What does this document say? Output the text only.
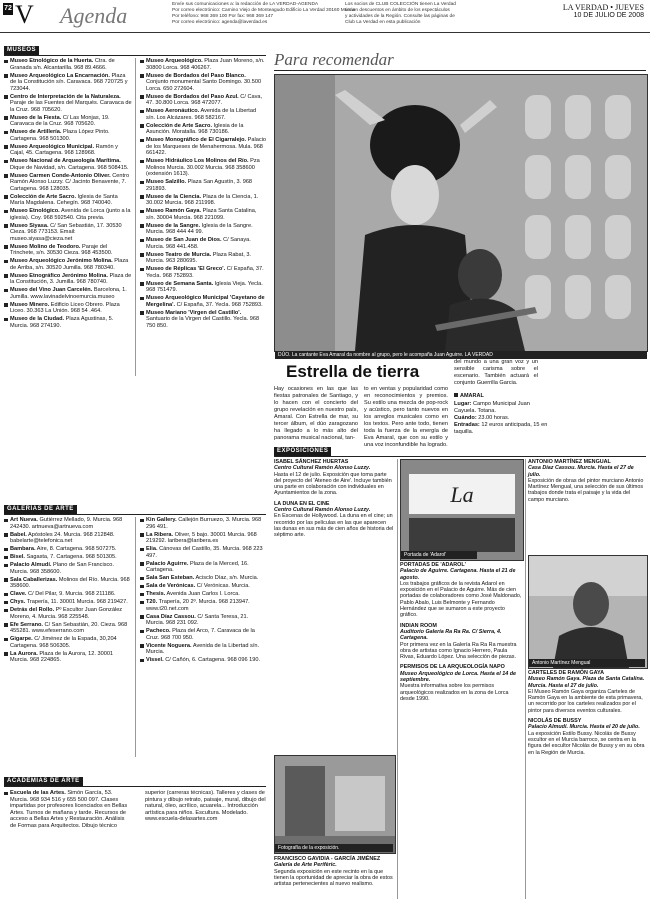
72 V Agenda	Envíe sus comunicaciones a: la redacción de LA VERDAD-AGENDA
Por correo electrónico: Camino Viejo de Monteagudo Edificio La Verdad 30160 Murcia
Por teléfono: 968 369 100 Por fax: 968 369 147
Por correo electrónico: agenda@laverdad.es
Los socios de CLUB COLECCIÓN tienen La Verdad
tienen descuentos en ámbito de los espectáculos
y actividades de la Región. Consulte las páginas de
Club La Verdad en esta publicación
LA VERDAD • JUEVES
10 DE JULIO DE 2008
MUSEOS
Museo Etnológico de la Huerta. Ctra. de Granada s/n. Alcantarilla. 968 89.4666.
Museo Arqueológico La Encarnación. Plaza de la Constitución s/n. Caravaca. 968 720725 y 723044.
Centro de Interpretación de la Naturaleza. Paraje de las Fuentes del Marqués. Caravaca de la Cruz. 968 705620.
Museo de la Fiesta. C/ Las Monjas, 19. Caravaca de la Cruz. 968 705620.
Museo de Artillería. Plaza López Pinto. Cartagena. 968 501300.
Museo Arqueológico Municipal. Ramón y Cajal, 45. Cartagena. 968 128968.
Museo Nacional de Arqueología Marítima. Dique de Navidad, s/n. Cartagena. 968 508415.
Museo Carmen Conde-Antonio Oliver. Centro Ramón Alonso Luzzy. C/ Jacinto Benavente, 7. Cartagena. 968 128035.
Colección de Arte Sacro. Iglesia de Santa María Magdalena. Cehegín. 968 740040.
Museo Etnológico. Avenida de Lorca (junto a la iglesia). Coy. 968 592540. Cita previa.
Museo Siyasa. C/ San Sebastián, 17. 30530 Cieza. 968 773153. Email: museo.siyasa@cieza.net
Museo Molino de Teodoro. Paraje del Trinchete, s/n. 30530 Cieza. 968 453500.
Museo Arqueológico Jerónimo Molina. Plaza de Arriba, s/n. 30520 Jumilla. 968 780340.
Museo Etnográfico Jerónimo Molina. Plaza de la Constitución, 3. Jumilla. 968 780740.
Museo del Vino Juan Carcelén. Barcelona, 1. Jumilla. www.lavinadelvinoemurcia.museo
Museo Minero. Edificio Liceo Obrero. Plaza Liceo. 30.363 La Unión. 968 54 .464.
Museo de la Ciudad. Plaza Agustinas, 5. Murcia. 968 274190.
Museo Arqueológico. Plaza Juan Moreno, s/n. 30800 Lorca. 968 406267.
Museo de Bordados del Paso Blanco. Conjunto monumental Santo Domingo. 30.500 Lorca. 650 272604.
Museo de Bordados del Paso Azul. C/ Cava, 47. 30.800 Lorca. 968 472077.
Museo Aeronáutico. Avenida de la Libertad s/n. Los Alcázares. 968 582167.
Colección de Arte Sacro. Iglesia de la Asunción. Moratalla. 968 730186.
Museo Monográfico de El Cigarralejo. Palacio de los Marqueses de Menahermosa. Mula. 968 661422.
Museo Hidráulico Los Molinos del Río. Pza Molinos Murcia. 30.002 Murcia. 968 358600 (extensión 1613).
Museo Salzillo. Plaza San Agustín, 3. 968 291893.
Museo de la Ciencia. Plaza de la Ciencia, 1. 30.002 Murcia. 968 211998.
Museo Ramón Gaya. Plaza Santa Catalina, s/n. 30004 Murcia. 968 221099.
Museo de la Sangre. Iglesia de la Sangre. Murcia. 968 444 44 99.
Museo de San Juan de Dios. C/ Sanaya. Murcia. 968 441.458.
Museo Teatro de Murcia. Plaza Rabat, 3. Murcia. 963 280695.
Museo de Réplicas 'El Greco'. C/ España, 37. Yecla. 968 752893.
Museo de Semana Santa. Iglesia Vieja. Yecla. 968 751479.
Museo Arqueológico Municipal 'Cayetano de Mergelina'. C/ España, 37. Yecla. 968 752893.
Museo Mariano 'Virgen del Castillo'. Santuario de la Virgen del Castillo. Yecla. 968 750 850.
GALERÍAS DE ARTE
Art Nueva. Gutiérrez Mellado, 9. Murcia. 968 242430. artnueva@artnueva.com
Babel. Apóstoles 24. Murcia. 968 212848. babelarte@telefonica.net
Bambara. Aire, 8. Cartagena. 968 507275.
Bisel. Sagasta, 7. Cartagena. 968 501305.
Palacio Almudí. Plano de San Francisco. Murcia. 968 358600.
Sala Caballerizas. Molinos del Río. Murcia. 968 358600.
Clave. C/ Del Pilar, 9. Murcia. 968 211186.
Chys. Trapería, 11. 30001 Murcia. 968 219427.
Detrás del Rollo. Pº Escultor Juan González Moreno, 4. Murcia. 968 225548.
Efe Serrano. C/ San Sebastián, 20. Cieza. 968 455281. www.efeserrano.com
Gigarpe. C/ Jiménez de la Espada, 30,204 Cartagena. 968 506305.
La Aurora. Plaza de la Aurora, 12. 30001 Murcia. 968 224865.
Kin Gallery. Callejón Burruezo, 3. Murcia. 968 296 491.
La Ribera. Oliver, 5 bajo. 30001 Murcia. 968 219292. laribera@laribera.es
Elia. Cánovas del Castillo, 35. Murcia. 968 223 497.
Palacio Aguirre. Plaza de la Merced, 16. Cartagena.
Sala San Esteban. Acisclo Díaz, s/n. Murcia.
Sala de Verónicas. C/ Verónicas. Murcia.
Thesis. Avenida Juan Carlos I. Lorca.
T20. Trapería, 20 2º. Murcia. 968 213947. www.t20.net.com
Casa Díaz Cassou. C/ Santa Teresa, 21. Murcia. 968 231 092.
Pacheco. Plaza del Arco, 7. Caravaca de la Cruz. 968 700 950.
Vicente Noguera. Avenida de la Libertad s/n. Murcia.
Vissel. C/ Cañón, 6. Cartagena. 968 096 190.
ACADEMIAS DE ARTE
Escuela de las Artes. Simón García, 53. Murcia. 968 934 516 y 655 500 097. Clases impartidas por profesores licenciados en Bellas Artes. Turnos de mañana y tarde. Recursos de acceso a Bellas Artes y Restauración. Análisis de Formas para Arquitectos. Dibujo técnico superior (carreras técnicas). Talleres y clases de pintura y dibujo retrato, paisaje, mural, dibujo del natural, óleo, acrílico, acuarela... Introducción artística para niños. Escultura. Modelado. www.escuela-delasartes.com
Para recomendar
DÚO. La cantante Eva Amaral da nombre al grupo, pero le acompaña Juan Aguirre. LA VERDAD
Estrella de tierra
Hay ocasiones en las que las fiestas patronales de Santiago, y lo hacen con el concierto del grupo revelación en nuestro país, Amaral. Con Estrella de mar, su tercer álbum, el dúo zaragozano ha llegado a lo más alto del panorama musical nacional, tan-
to en ventas y popularidad como en reconocimientos y premios. Su estilo una mezcla de pop-rock y acústico, pero tanto nuevos en los arreglos musicales como en los textos. Pero ante todo, tienen toda la fuerza de la energía de Eva Amaral, que con su estilo y una voz inconfundible ha logrado.
del mundo a una gran voz y un sensible carisma sobre el escenario. También actuará el conjunto Guerrilla Garcia.
AMARAL
Lugar: Campo Municipal Juan Cayuela. Totana.
Cuándo: 23.00 horas.
Entradas: 12 euros anticipada, 15 en taquilla.
EXPOSICIONES
ISABEL SÁNCHEZ HUERTAS
Centro Cultural Ramón Alonso Luzzy.
Hasta el 12 de julio. Exposición que toma parte del proyecto del 'Ateneo de Aire'. Incluye también una parte en colaboración con individuales en Ayuntamientos de la zona.
LA DUNA EN EL CINE
Centro Cultural Ramón Alonso Luzzy.
En Escenas de Hollywood. La duna en el cine; un recorrido por las películas en las que aparecen las dunas en sus más de cien años de historia del séptimo arte.
Fotografía de la exposición.
FRANCISCO GAVIDIA - GARCÍA JIMÉNEZ
Galería de Arte Perifèric.
Segunda exposición en este recinto en la que tienen la oportunidad de apreciar la obra de estos artistas pertenecientes al nuevo realismo.
La
Portada de 'Adarol'
PORTADAS DE 'ADAROL'
Palacio de Aguirre. Cartagena. Hasta el 21 de agosto.
Los trabajos gráficos de la revista Adarol en exposición en el Palacio de Aguirre. Más de cien portadas de colaboradores como José Maldonado, Pablo Abalo, Luis Belmonte y Fernando Hernández que se sumaron a este proyecto gráfico.
INDIAN ROOM
Auditorio Galería Ra Ra Ra. C/ Sierra, 4. Cartagena.
Por primera vez en la Galería Ra Ra Ra muestra obra de artistas como Ignacio Herrero, Paula Rivas, Eduardo López. Una selección de piezas.
PERMISOS DE LA ARQUEOLOGÍA NAPO
Museo Arqueológico de Lorca. Hasta el 14 de septiembre.
Muestra informativa sobre los permisos arqueológicos realizados en la zona de Lorca desde 1990.
ANTONIO MARTÍNEZ MENGUAL
Casa Díaz Cassou. Murcia. Hasta el 27 de julio.
Exposición de obras del pintor murciano Antonio Martínez Mengual, una selección de sus últimos trabajos donde trata el paisaje y la vida del campo murciano.
Antonio Martínez Mengual
CARTELES DE RAMÓN GAYA
Museo Ramón Gaya. Plaza de Santa Catalina. Murcia. Hasta el 27 de julio.
El Museo Ramón Gaya organiza Carteles de Ramón Gaya en la ambiente de esta primavera, un recorrido por los carteles realizados por el pintor para diversos eventos culturales.
NICOLÁS DE BUSSY
Palacio Almudí. Murcia. Hasta el 20 de julio.
La exposición Estilo Bussy. Nicolás de Bussy escultor en el Murcia barroco, se centra en la figura del escultor Nicolás de Bussy y en su obra en la Región de Murcia.
